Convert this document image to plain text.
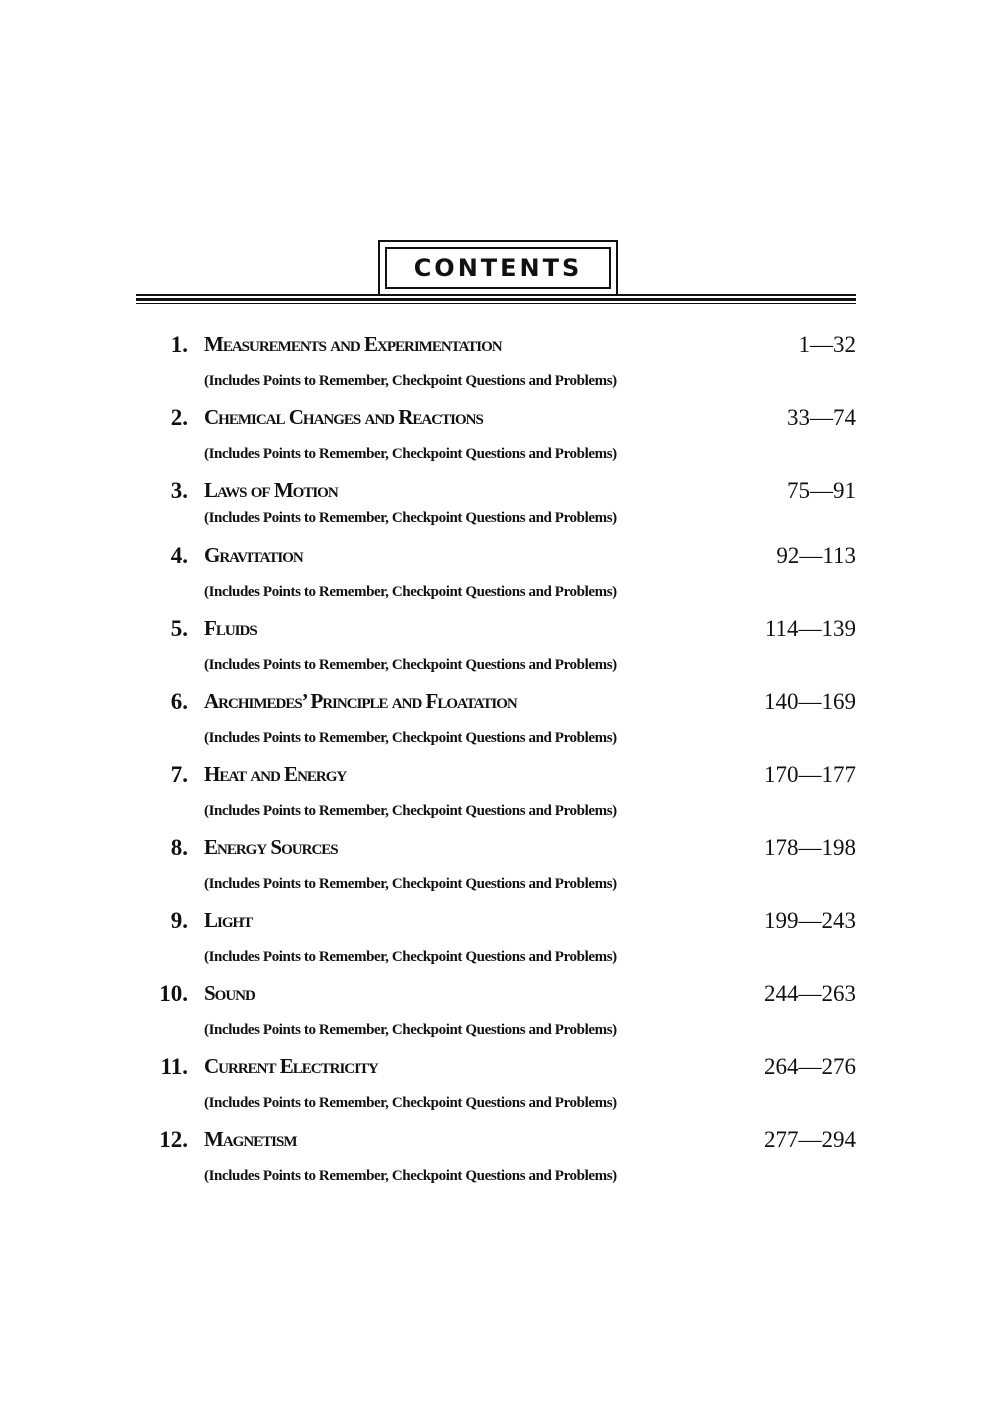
CONTENTS
1. Measurements and Experimentation	1—32
(Includes Points to Remember, Checkpoint Questions and Problems)
2. Chemical Changes and Reactions	33—74
(Includes Points to Remember, Checkpoint Questions and Problems)
3. Laws of Motion	75—91
(Includes Points to Remember, Checkpoint Questions and Problems)
4. Gravitation	92—113
(Includes Points to Remember, Checkpoint Questions and Problems)
5. Fluids	114—139
(Includes Points to Remember, Checkpoint Questions and Problems)
6. Archimedes’ Principle and Floatation	140—169
(Includes Points to Remember, Checkpoint Questions and Problems)
7. Heat and Energy	170—177
(Includes Points to Remember, Checkpoint Questions and Problems)
8. Energy Sources	178—198
(Includes Points to Remember, Checkpoint Questions and Problems)
9. Light	199—243
(Includes Points to Remember, Checkpoint Questions and Problems)
10. Sound	244—263
(Includes Points to Remember, Checkpoint Questions and Problems)
11. Current Electricity	264—276
(Includes Points to Remember, Checkpoint Questions and Problems)
12. Magnetism	277—294
(Includes Points to Remember, Checkpoint Questions and Problems)
